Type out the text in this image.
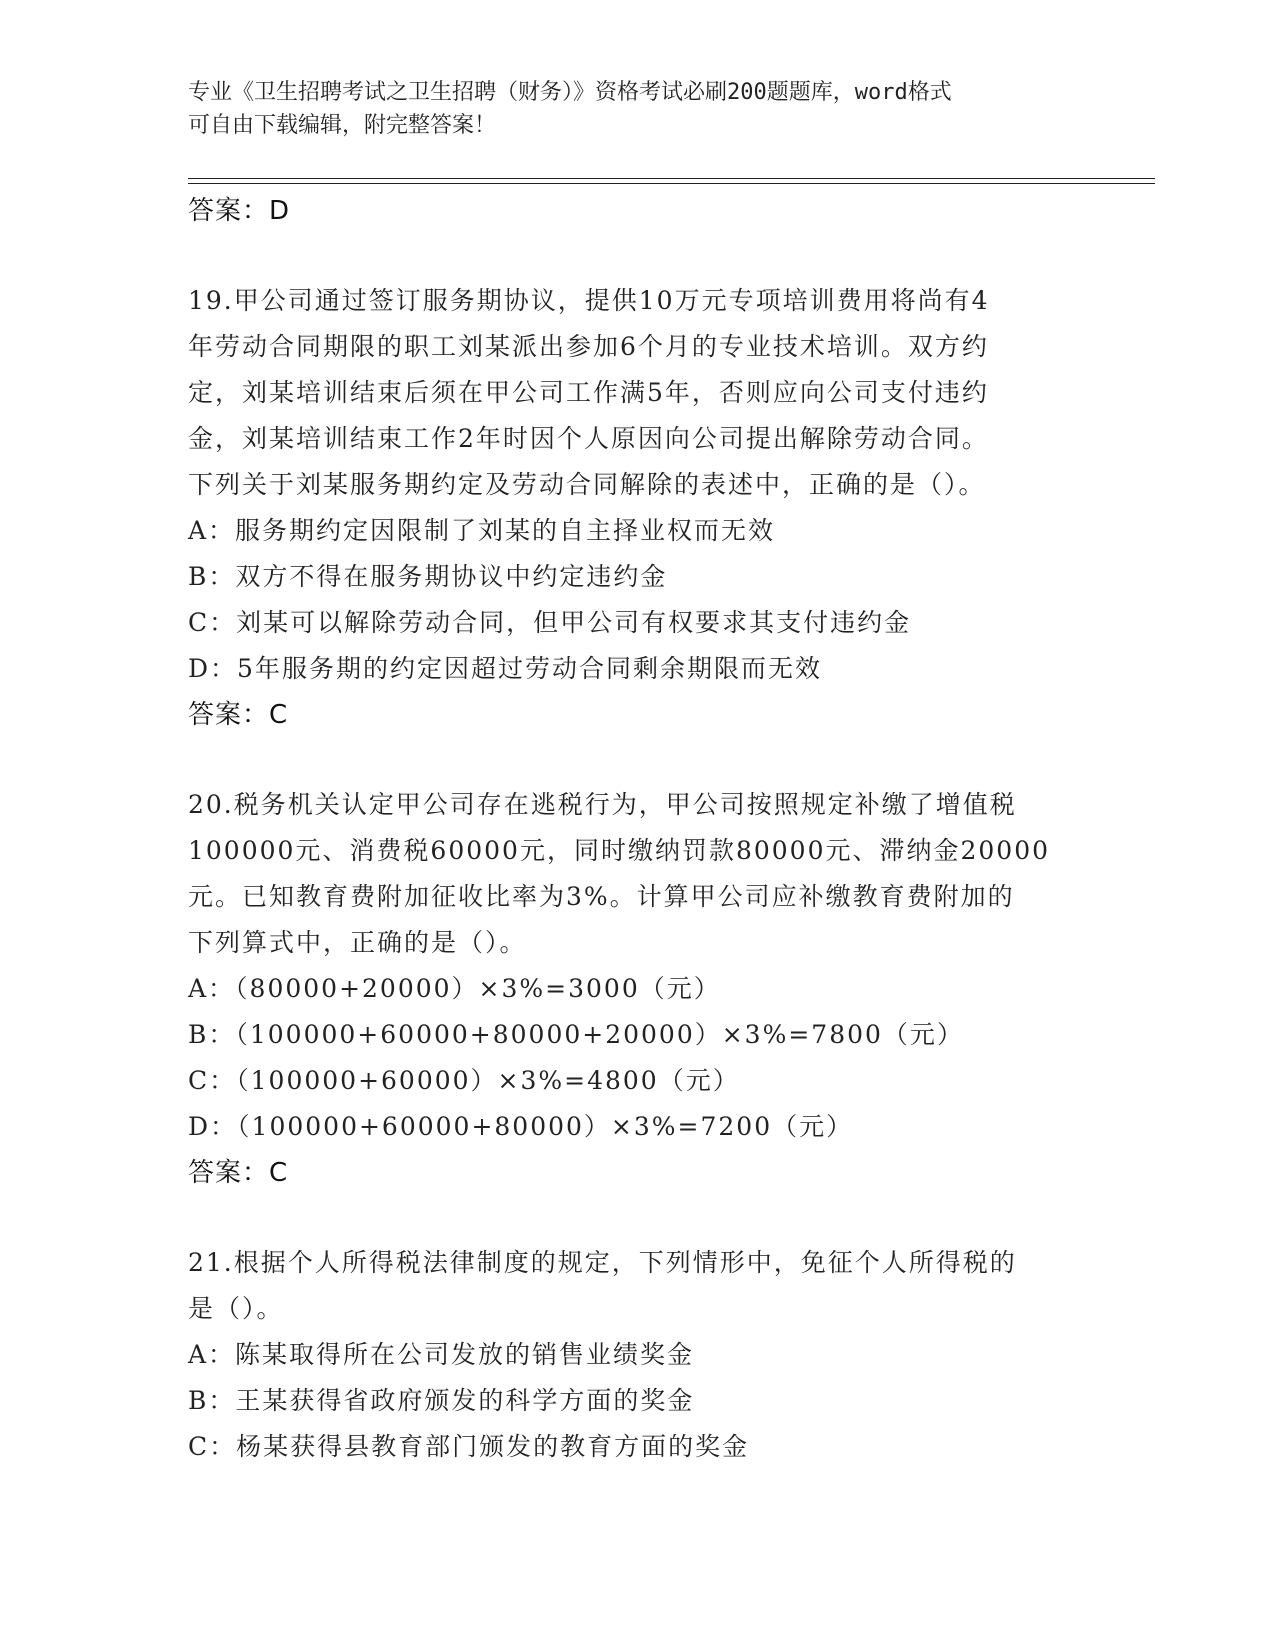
专业《卫生招聘考试之卫生招聘（财务）》资格考试必刷200题题库，word格式
可自由下载编辑，附完整答案！
答案：D
19.甲公司通过签订服务期协议，提供10万元专项培训费用将尚有4
年劳动合同期限的职工刘某派出参加6个月的专业技术培训。双方约
定，刘某培训结束后须在甲公司工作满5年，否则应向公司支付违约
金，刘某培训结束工作2年时因个人原因向公司提出解除劳动合同。
下列关于刘某服务期约定及劳动合同解除的表述中，正确的是（）。
A：服务期约定因限制了刘某的自主择业权而无效
B：双方不得在服务期协议中约定违约金
C：刘某可以解除劳动合同，但甲公司有权要求其支付违约金
D：5年服务期的约定因超过劳动合同剩余期限而无效
答案：C
20.税务机关认定甲公司存在逃税行为，甲公司按照规定补缴了增值税
100000元、消费税60000元，同时缴纳罚款80000元、滞纳金20000
元。已知教育费附加征收比率为3%。计算甲公司应补缴教育费附加的
下列算式中，正确的是（）。
A：（80000+20000）×3%=3000（元）
B：（100000+60000+80000+20000）×3%=7800（元）
C：（100000+60000）×3%=4800（元）
D：（100000+60000+80000）×3%=7200（元）
答案：C
21.根据个人所得税法律制度的规定，下列情形中，免征个人所得税的
是（）。
A：陈某取得所在公司发放的销售业绩奖金
B：王某获得省政府颁发的科学方面的奖金
C：杨某获得县教育部门颁发的教育方面的奖金
